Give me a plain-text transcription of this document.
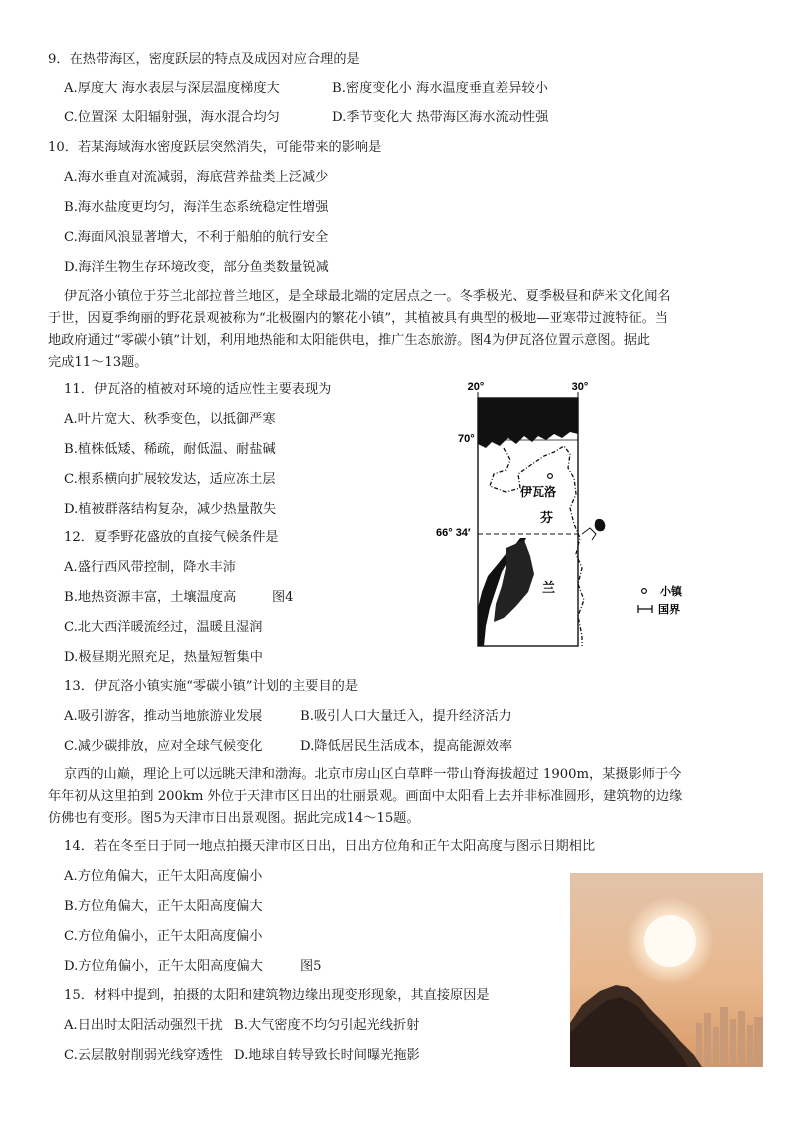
9．在热带海区，密度跃层的特点及成因对应合理的是
A.厚度大 海水表层与深层温度梯度大	B.密度变化小 海水温度垂直差异较小
C.位置深 太阳辐射强，海水混合均匀	D.季节变化大 热带海区海水流动性强
10．若某海域海水密度跃层突然消失，可能带来的影响是
A.海水垂直对流减弱，海底营养盐类上泛减少
B.海水盐度更均匀，海洋生态系统稳定性增强
C.海面风浪显著增大，不利于船舶的航行安全
D.海洋生物生存环境改变，部分鱼类数量锐减
伊瓦洛小镇位于芬兰北部拉普兰地区，是全球最北端的定居点之一。冬季极光、夏季极昼和萨米文化闻名
于世，因夏季绚丽的野花景观被称为“北极圈内的繁花小镇”，其植被具有典型的极地—亚寒带过渡特征。当
地政府通过“零碳小镇”计划，利用地热能和太阳能供电，推广生态旅游。图4为伊瓦洛位置示意图。据此
完成11～13题。
11．伊瓦洛的植被对环境的适应性主要表现为
A.叶片宽大、秋季变色，以抵御严寒
B.植株低矮、稀疏，耐低温、耐盐碱
C.根系横向扩展较发达，适应冻土层
D.植被群落结构复杂，减少热量散失
12．夏季野花盛放的直接气候条件是
A.盛行西风带控制，降水丰沛
B.地热资源丰富，土壤温度高	图4
C.北大西洋暖流经过，温暖且湿润
D.极昼期光照充足，热量短暂集中
13．伊瓦洛小镇实施“零碳小镇”计划的主要目的是
A.吸引游客，推动当地旅游业发展	B.吸引人口大量迁入，提升经济活力
C.减少碳排放，应对全球气候变化	D.降低居民生活成本，提高能源效率
京西的山巅，理论上可以远眺天津和渤海。北京市房山区白草畔一带山脊海拔超过 1900m，某摄影师于今
年年初从这里拍到 200km 外位于天津市区日出的壮丽景观。画面中太阳看上去并非标准圆形，建筑物的边缘
仿佛也有变形。图5为天津市日出景观图。据此完成14～15题。
14．若在冬至日于同一地点拍摄天津市区日出，日出方位角和正午太阳高度与图示日期相比
A.方位角偏大，正午太阳高度偏小
B.方位角偏大，正午太阳高度偏大
C.方位角偏小，正午太阳高度偏小
D.方位角偏小，正午太阳高度偏大	图5
15．材料中提到，拍摄的太阳和建筑物边缘出现变形现象，其直接原因是
A.日出时太阳活动强烈干扰 B.大气密度不均匀引起光线折射
C.云层散射削弱光线穿透性 D.地球自转导致长时间曝光拖影
20°	30°
70°
66° 34′
伊瓦洛
芬
兰	小镇
国界
